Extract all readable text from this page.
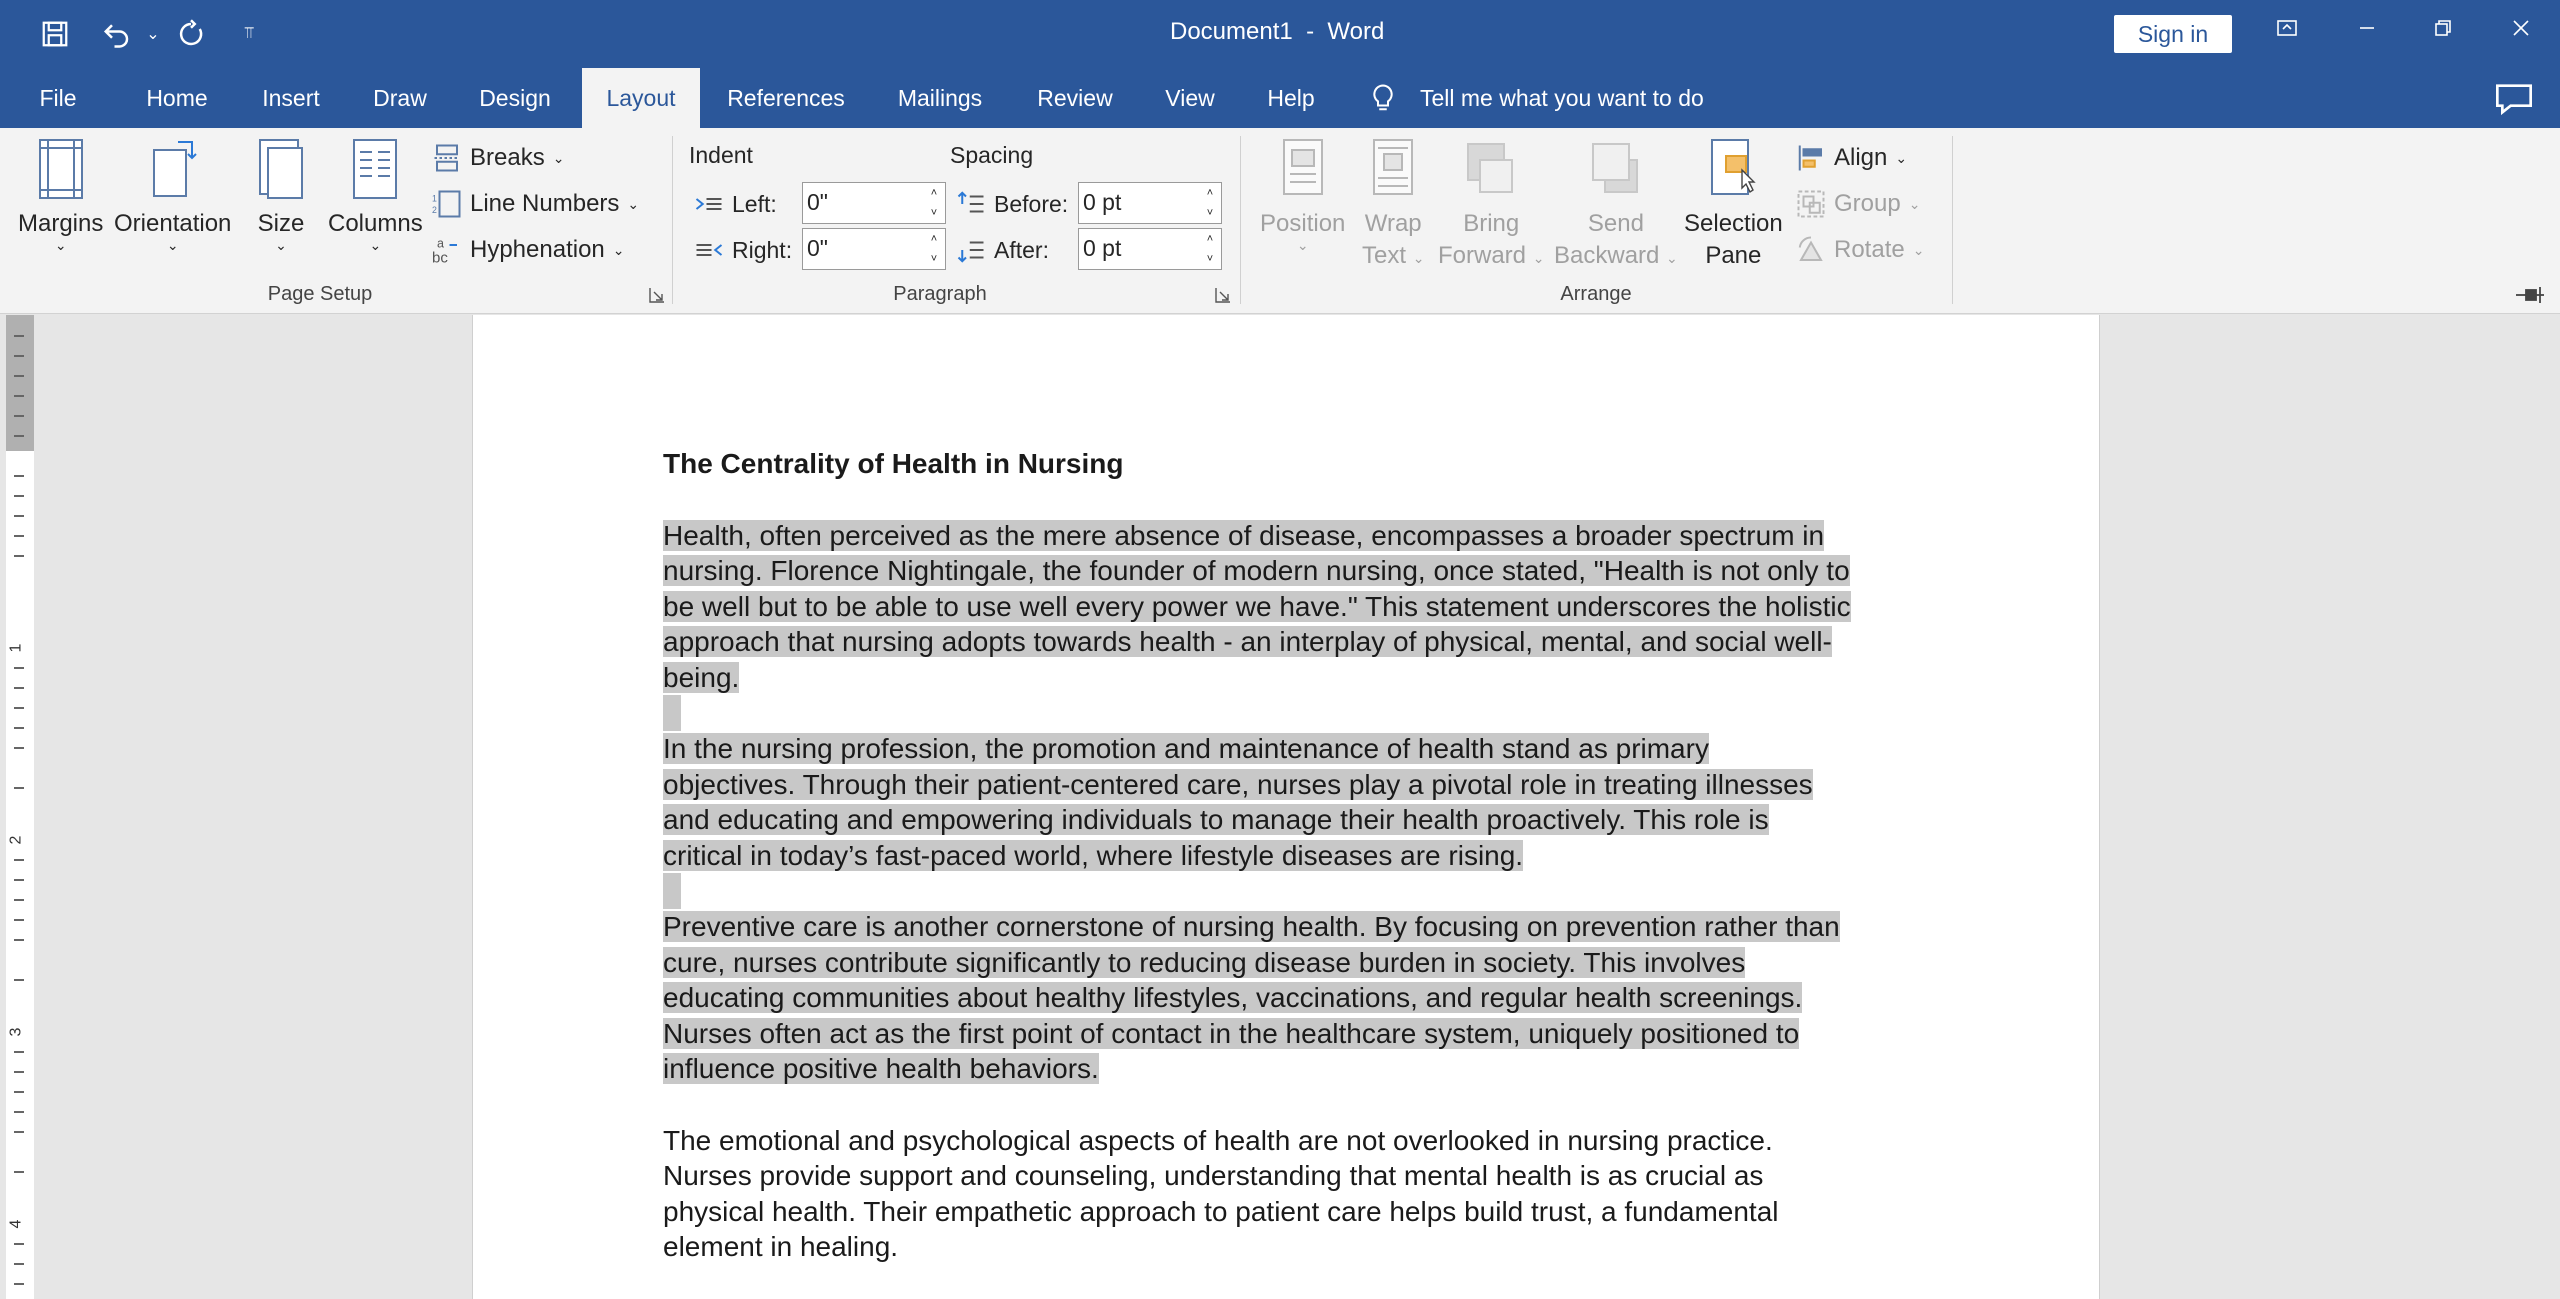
⌄	⫪	Document1  -  Word	Sign in
File	Home	Insert	Draw	Design	Layout	References	Mailings	Review	View	Help	Tell me what you want to do
Margins
⌄
Orientation
⌄
Size
⌄
Columns
⌄
Breaks ⌄
1
2 Line Numbers ⌄
a
bc Hyphenation ⌄
Page Setup
Indent	Spacing
Left: 0"	˄
˅
Right: 0"	˄
˅
Before: 0 pt	˄
˅
After: 0 pt	˄
˅
Paragraph
Position
⌄
Wrap
Text ⌄
Bring
Forward ⌄
Send
Backward ⌄
Selection
Pane
Align ⌄
Group ⌄
Rotate ⌄
Arrange
1
2
3
4
The Centrality of Health in Nursing
Health, often perceived as the mere absence of disease, encompasses a broader spectrum in
nursing. Florence Nightingale, the founder of modern nursing, once stated, "Health is not only to
be well but to be able to use well every power we have." This statement underscores the holistic
approach that nursing adopts towards health - an interplay of physical, mental, and social well-
being.
In the nursing profession, the promotion and maintenance of health stand as primary
objectives. Through their patient-centered care, nurses play a pivotal role in treating illnesses
and educating and empowering individuals to manage their health proactively. This role is
critical in today’s fast-paced world, where lifestyle diseases are rising.
Preventive care is another cornerstone of nursing health. By focusing on prevention rather than
cure, nurses contribute significantly to reducing disease burden in society. This involves
educating communities about healthy lifestyles, vaccinations, and regular health screenings.
Nurses often act as the first point of contact in the healthcare system, uniquely positioned to
influence positive health behaviors.
The emotional and psychological aspects of health are not overlooked in nursing practice.
Nurses provide support and counseling, understanding that mental health is as crucial as
physical health. Their empathetic approach to patient care helps build trust, a fundamental
element in healing.
